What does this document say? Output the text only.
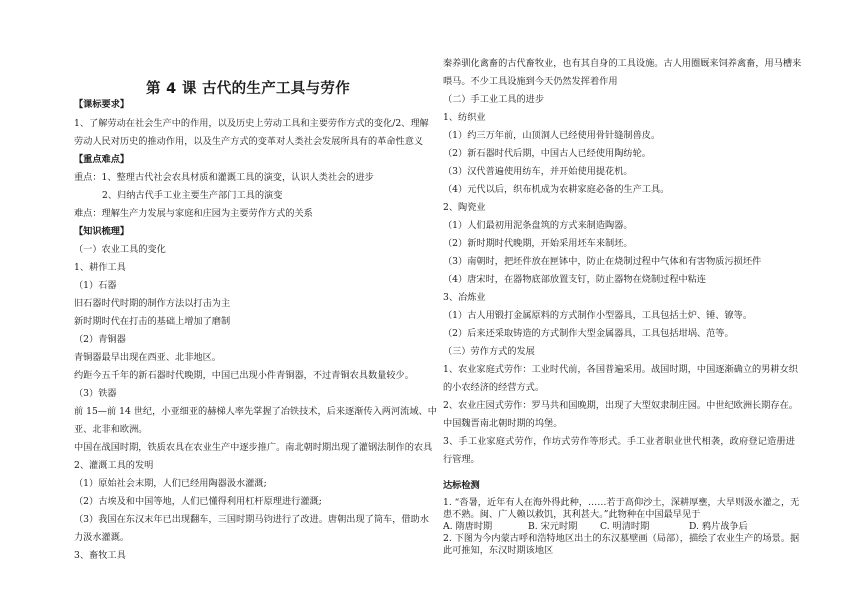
第 4 课 古代的生产工具与劳作
【课标要求】
1、了解劳动在社会生产中的作用，以及历史上劳动工具和主要劳作方式的变化/2、理解
劳动人民对历史的推动作用，以及生产方式的变革对人类社会发展所具有的革命性意义
【重点难点】
重点：1、整理古代社会农具材质和灌溉工具的演变，认识人类社会的进步
2、归纳古代手工业主要生产部门工具的演变
难点：理解生产力发展与家庭和庄园为主要劳作方式的关系
【知识梳理】
（一）农业工具的变化
1、耕作工具
（1）石器
旧石器时代时期的制作方法以打击为主
新时期时代在打击的基础上增加了磨制
（2）青铜器
青铜器最早出现在西亚、北非地区。
约距今五千年的新石器时代晚期，中国已出现小件青铜器，不过青铜农具数量较少。
（3）铁器
前 15—前 14 世纪，小亚细亚的赫梯人率先掌握了冶铁技术，后来逐渐传入两河流域、中
亚、北非和欧洲。
中国在战国时期，铁质农具在农业生产中逐步推广。南北朝时期出现了灌钢法制作的农具
2、灌溉工具的发明
（1）原始社会末期，人们已经用陶器汲水灌溉;
（2）古埃及和中国等地，人们已懂得利用杠杆原理进行灌溉;
（3）我国在东汉末年已出现翻车，三国时期马钧进行了改进。唐朝出现了筒车，借助水
力汲水灌溉。
3、畜牧工具
秦养驯化禽畜的古代畜牧业，也有其自身的工具设施。古人用圈厩来饲养禽畜，用马槽来
喂马。不少工具设施到今天仍然发挥着作用
（二）手工业工具的进步
1、纺织业
（1）约三万年前，山顶洞人已经使用骨针缝制兽皮。
（2）新石器时代后期，中国古人已经使用陶纺轮。
（3）汉代普遍使用纺车，并开始使用提花机。
（4）元代以后，织布机成为农耕家庭必备的生产工具。
2、陶瓷业
（1）人们最初用泥条盘筑的方式来制造陶器。
（2）新时期时代晚期，开始采用坯车来制坯。
（3）南朝时，把坯件放在匣钵中，防止在烧制过程中气体和有害物质污损坯件
（4）唐宋时，在器物底部放置支钉，防止器物在烧制过程中粘连
3、冶炼业
（1）古人用锻打金属原料的方式制作小型器具，工具包括土炉、锤、镣等。
（2）后来还采取铸造的方式制作大型金属器具，工具包括坩埚、范等。
（三）劳作方式的发展
1、农业家庭式劳作：工业时代前，各国普遍采用。战国时期，中国逐渐确立的男耕女织
的小农经济的经营方式。
2、农业庄园式劳作：罗马共和国晚期，出现了大型奴隶制庄园。中世纪欧洲长期存在。
中国魏晋南北朝时期的坞堡。
3、手工业家庭式劳作，作坊式劳作等形式。手工业者职业世代相袭，政府登记造册进
行管理。
达标检测
1. “沓暑，近年有人在海外得此种，……若于高仰沙土，深耕厚壅，大旱则汲水灌之，无
患不熟。闽、广人赖以救饥，其利甚大。”此物种在中国最早见于
A. 隋唐时期	B. 宋元时期 C. 明清时期	D. 鸦片战争后
2. 下图为今内蒙古呼和浩特地区出土的东汉墓壁画（局部），描绘了农业生产的场景。据
此可推知，东汉时期该地区
